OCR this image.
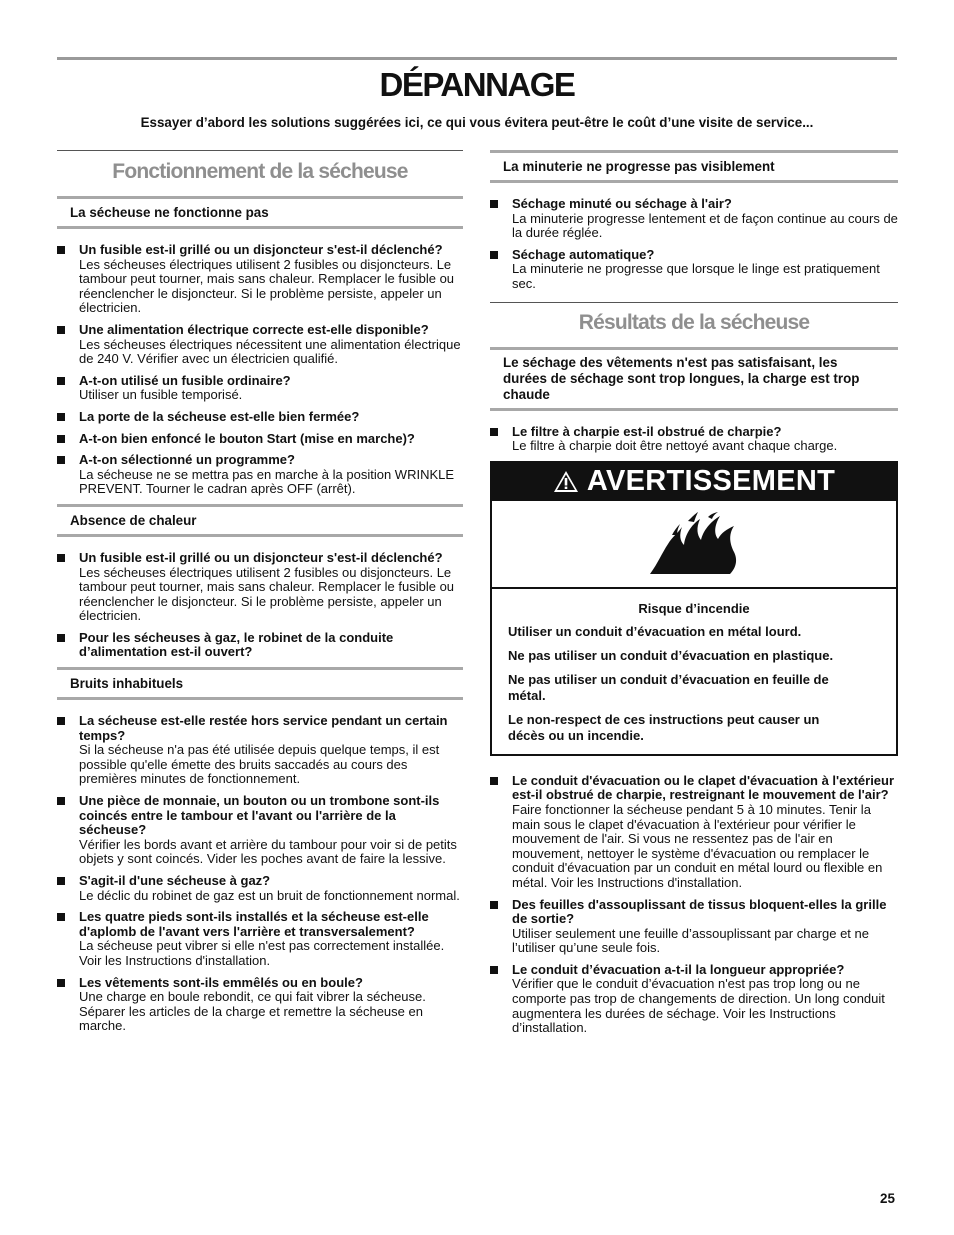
DÉPANNAGE

Essayer d’abord les solutions suggérées ici, ce qui vous évitera peut-être le coût d’une visite de service...

Fonctionnement de la sécheuse
La sécheuse ne fonctionne pas
Un fusible est-il grillé ou un disjoncteur s'est-il déclenché?
Les sécheuses électriques utilisent 2 fusibles ou disjoncteurs. Le tambour peut tourner, mais sans chaleur. Remplacer le fusible ou réenclencher le disjoncteur. Si le problème persiste, appeler un électricien.
Une alimentation électrique correcte est-elle disponible?
Les sécheuses électriques nécessitent une alimentation électrique de 240 V. Vérifier avec un électricien qualifié.
A-t-on utilisé un fusible ordinaire?
Utiliser un fusible temporisé.
La porte de la sécheuse est-elle bien fermée?
A-t-on bien enfoncé le bouton Start (mise en marche)?
A-t-on sélectionné un programme?
La sécheuse ne se mettra pas en marche à la position WRINKLE PREVENT. Tourner le cadran après OFF (arrêt).
Absence de chaleur
Un fusible est-il grillé ou un disjoncteur s'est-il déclenché?
Les sécheuses électriques utilisent 2 fusibles ou disjoncteurs. Le tambour peut tourner, mais sans chaleur. Remplacer le fusible ou réenclencher le disjoncteur. Si le problème persiste, appeler un électricien.
Pour les sécheuses à gaz, le robinet de la conduite d’alimentation est-il ouvert?
Bruits inhabituels
La sécheuse est-elle restée hors service pendant un certain temps?
Si la sécheuse n'a pas été utilisée depuis quelque temps, il est possible qu'elle émette des bruits saccadés au cours des premières minutes de fonctionnement.
Une pièce de monnaie, un bouton ou un trombone sont-ils coincés entre le tambour et l'avant ou l'arrière de la sécheuse?
Vérifier les bords avant et arrière du tambour pour voir si de petits objets y sont coincés. Vider les poches avant de faire la lessive.
S'agit-il d'une sécheuse à gaz?
Le déclic du robinet de gaz est un bruit de fonctionnement normal.
Les quatre pieds sont-ils installés et la sécheuse est-elle d'aplomb de l'avant vers l'arrière et transversalement?
La sécheuse peut vibrer si elle n'est pas correctement installée. Voir les Instructions d'installation.
Les vêtements sont-ils emmêlés ou en boule?
Une charge en boule rebondit, ce qui fait vibrer la sécheuse. Séparer les articles de la charge et remettre la sécheuse en marche.
La minuterie ne progresse pas visiblement
Séchage minuté ou séchage à l'air?
La minuterie progresse lentement et de façon continue au cours de la durée réglée.
Séchage automatique?
La minuterie ne progresse que lorsque le linge est pratiquement sec.
Résultats de la sécheuse
Le séchage des vêtements n'est pas satisfaisant, les durées de séchage sont trop longues, la charge est trop chaude
Le filtre à charpie est-il obstrué de charpie?
Le filtre à charpie doit être nettoyé avant chaque charge.
AVERTISSEMENT
Risque d’incendie

Utiliser un conduit d’évacuation en métal lourd.

Ne pas utiliser un conduit d’évacuation en plastique.

Ne pas utiliser un conduit d’évacuation en feuille de métal.

Le non-respect de ces instructions peut causer un décès ou un incendie.

Le conduit d'évacuation ou le clapet d'évacuation à l'extérieur est-il obstrué de charpie, restreignant le mouvement de l'air?
Faire fonctionner la sécheuse pendant 5 à 10 minutes. Tenir la main sous le clapet d'évacuation à l'extérieur pour vérifier le mouvement de l'air. Si vous ne ressentez pas de l'air en mouvement, nettoyer le système d'évacuation ou remplacer le conduit d'évacuation par un conduit en métal lourd ou flexible en métal. Voir les Instructions d'installation.
Des feuilles d'assouplissant de tissus bloquent-elles la grille de sortie?
Utiliser seulement une feuille d’assouplissant par charge et ne l’utiliser qu’une seule fois.
Le conduit d’évacuation a-t-il la longueur appropriée?
Vérifier que le conduit d’évacuation n'est pas trop long ou ne comporte pas trop de changements de direction. Un long conduit augmentera les durées de séchage. Voir les Instructions d’installation.
25
